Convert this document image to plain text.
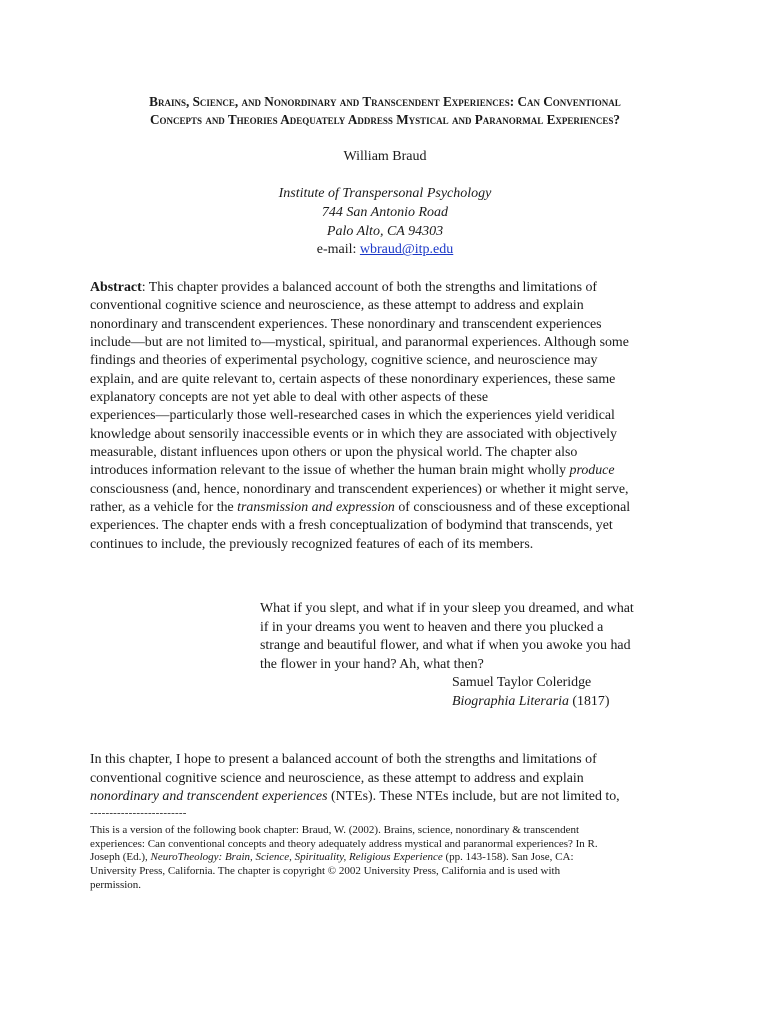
Brains, Science, and Nonordinary and Transcendent Experiences: Can Conventional
Concepts and Theories Adequately Address Mystical and Paranormal Experiences?
William Braud
Institute of Transpersonal Psychology
744 San Antonio Road
Palo Alto, CA 94303
e-mail: wbraud@itp.edu
Abstract: This chapter provides a balanced account of both the strengths and limitations of
conventional cognitive science and neuroscience, as these attempt to address and explain
nonordinary and transcendent experiences. These nonordinary and transcendent experiences
include—but are not limited to—mystical, spiritual, and paranormal experiences. Although some
findings and theories of experimental psychology, cognitive science, and neuroscience may
explain, and are quite relevant to, certain aspects of these nonordinary experiences, these same
explanatory concepts are not yet able to deal with other aspects of these
experiences—particularly those well-researched cases in which the experiences yield veridical
knowledge about sensorily inaccessible events or in which they are associated with objectively
measurable, distant influences upon others or upon the physical world. The chapter also
introduces information relevant to the issue of whether the human brain might wholly produce
consciousness (and, hence, nonordinary and transcendent experiences) or whether it might serve,
rather, as a vehicle for the transmission and expression of consciousness and of these exceptional
experiences. The chapter ends with a fresh conceptualization of bodymind that transcends, yet
continues to include, the previously recognized features of each of its members.
What if you slept, and what if in your sleep you dreamed, and what
if in your dreams you went to heaven and there you plucked a
strange and beautiful flower, and what if when you awoke you had
the flower in your hand? Ah, what then?
Samuel Taylor Coleridge
Biographia Literaria (1817)
In this chapter, I hope to present a balanced account of both the strengths and limitations of
conventional cognitive science and neuroscience, as these attempt to address and explain
nonordinary and transcendent experiences (NTEs). These NTEs include, but are not limited to,
-------------------------
This is a version of the following book chapter: Braud, W. (2002). Brains, science, nonordinary & transcendent
experiences: Can conventional concepts and theory adequately address mystical and paranormal experiences? In R.
Joseph (Ed.), NeuroTheology: Brain, Science, Spirituality, Religious Experience (pp. 143-158). San Jose, CA:
University Press, California. The chapter is copyright © 2002 University Press, California and is used with
permission.
